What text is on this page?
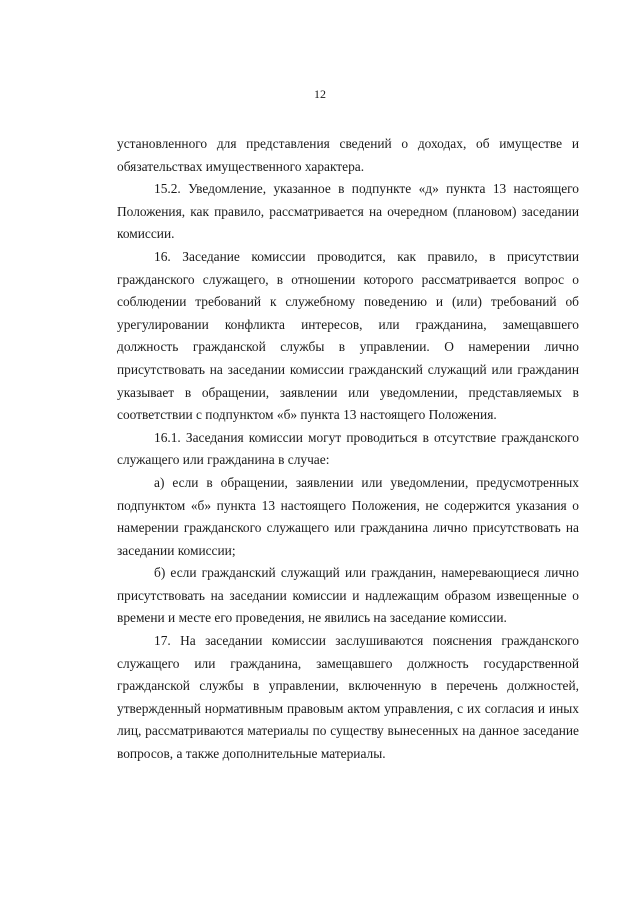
12

установленного для представления сведений о доходах, об имуществе и обязательствах имущественного характера.

15.2. Уведомление, указанное в подпункте «д» пункта 13 настоящего Положения, как правило, рассматривается на очередном (плановом) заседании комиссии.

16. Заседание комиссии проводится, как правило, в присутствии гражданского служащего, в отношении которого рассматривается вопрос о соблюдении требований к служебному поведению и (или) требований об урегулировании конфликта интересов, или гражданина, замещавшего должность гражданской службы в управлении. О намерении лично присутствовать на заседании комиссии гражданский служащий или гражданин указывает в обращении, заявлении или уведомлении, представляемых в соответствии с подпунктом «б» пункта 13 настоящего Положения.

16.1. Заседания комиссии могут проводиться в отсутствие гражданского служащего или гражданина в случае:

а) если в обращении, заявлении или уведомлении, предусмотренных подпунктом «б» пункта 13 настоящего Положения, не содержится указания о намерении гражданского служащего или гражданина лично присутствовать на заседании комиссии;

б) если гражданский служащий или гражданин, намеревающиеся лично присутствовать на заседании комиссии и надлежащим образом извещенные о времени и месте его проведения, не явились на заседание комиссии.

17. На заседании комиссии заслушиваются пояснения гражданского служащего или гражданина, замещавшего должность государственной гражданской службы в управлении, включенную в перечень должностей, утвержденный нормативным правовым актом управления, с их согласия и иных лиц, рассматриваются материалы по существу вынесенных на данное заседание вопросов, а также дополнительные материалы.
